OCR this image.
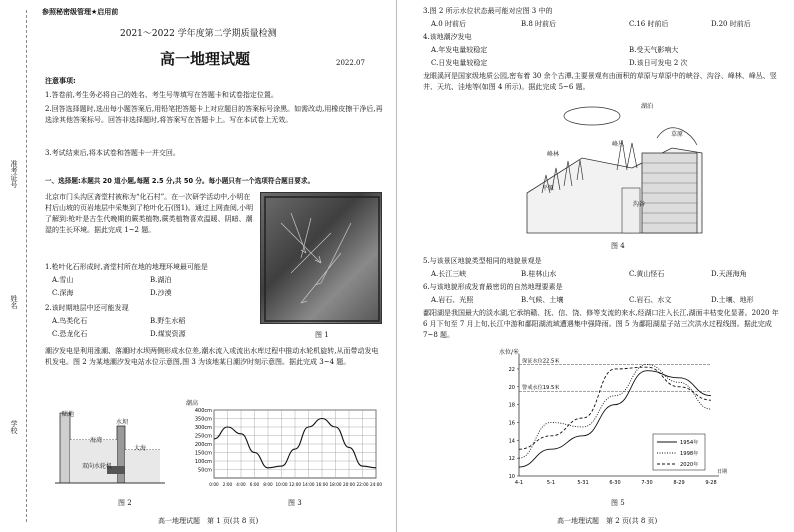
准考证号
姓名
学校
参照秘密级管理★启用前
2021～2022 学年度第二学期质量检测
高一地理试题	2022.07
注意事项:
1.答卷前,考生务必将自己的姓名、考生号等填写在答题卡和试卷指定位置。
2.回答选择题时,选出每小题答案后,用铅笔把答题卡上对应题目的答案标号涂黑。如需改动,用橡皮擦干净后,再选涂其他答案标号。回答非选择题时,将答案写在答题卡上。写在本试卷上无效。
3.考试结束后,将本试卷和答题卡一并交回。
一、选择题:本题共 20 道小题,每题 2.5 分,共 50 分。每小题只有一个选项符合题目要求。
北京市门头沟区斋堂村被称为“化石村”。在一次研学活动中,小明在村后山坡的页岩地层中采集到了枪叶化石(图1)。通过上网查阅,小明了解到:枪叶是古生代晚期的蕨类植物,蕨类植物喜欢温暖、阴暗、潮湿的生长环境。据此完成 1~2 题。
1.枪叶化石形成时,斋堂村所在地的地理环境最可能是
A.雪山	B.湖泊
C.深海	D.沙漠
2.该时期地层中还可能发现
A.鸟类化石	B.野生水稻
C.恐龙化石	D.煤炭资源	图 1
潮汐发电是利用涨潮、落潮时水坝两侧形成水位差,潮水流入或流出水库过程中推动水轮机旋转,从而带动发电机发电。图 2 为某地潮汐发电站水位示意图,图 3 为该地某日潮汐时刻示意图。据此完成 3~4 题。
陆地
水坝
海湾
大海
双向水轮机
图 2
潮高
50cm
100cm
150cm
200cm
250cm
300cm
350cm
400cm
0:00 2:00 4:00 6:00 8:00 10:00 12:00 14:00 16:00 18:00 20:00 22:00 24:00
图 3
高一地理试题　第 1 页(共 8 页)
3.图 2 所示水位状态最可能对应图 3 中的
A.0 时前后	B.8 时前后	C.16 时前后	D.20 时前后
4.该地潮汐发电
A.年发电量较稳定	B.受天气影响大
C.日发电量较稳定	D.该日可发电 2 次
龙眼溪河是国家级地质公园,密布着 30 余个古潭,主要景观有由面积的草原与草原中的峡谷、沟谷、峰林、峰丛、竖井、天坑、洼地等(如图 4 所示)。据此完成 5~6 题。
湖泊
峰林
草原
峰丛
平原
沟谷
图 4
5.与该景区地貌类型相同的地貌景观是
A.长江三峡	B.桂林山水	C.黄山怪石	D.天涯海角
6.与该地貌形成发育最密切的自然地理要素是
A.岩石、光照	B.气候、土壤	C.岩石、水文	D.土壤、地形
鄱阳湖是我国最大的淡水湖,它承纳赣、抚、信、饶、修等支流的来水,经湖口注入长江,湖面丰枯变化显著。2020 年 6 月下旬至 7 月上旬,长江中游和鄱阳湖流域遭遇集中强降雨。图 5 为鄱阳湖星子站三次洪水过程线图。据此完成 7~8 题。
水位/米
日期
10
12
14
16
18
20
22
4-1	5-1	5-31	6-30	7-30	8-29	9-28
保证水位22.5米
警戒水位19.5米
1954年
1998年
2020年
图 5
高一地理试题　第 2 页(共 8 页)
